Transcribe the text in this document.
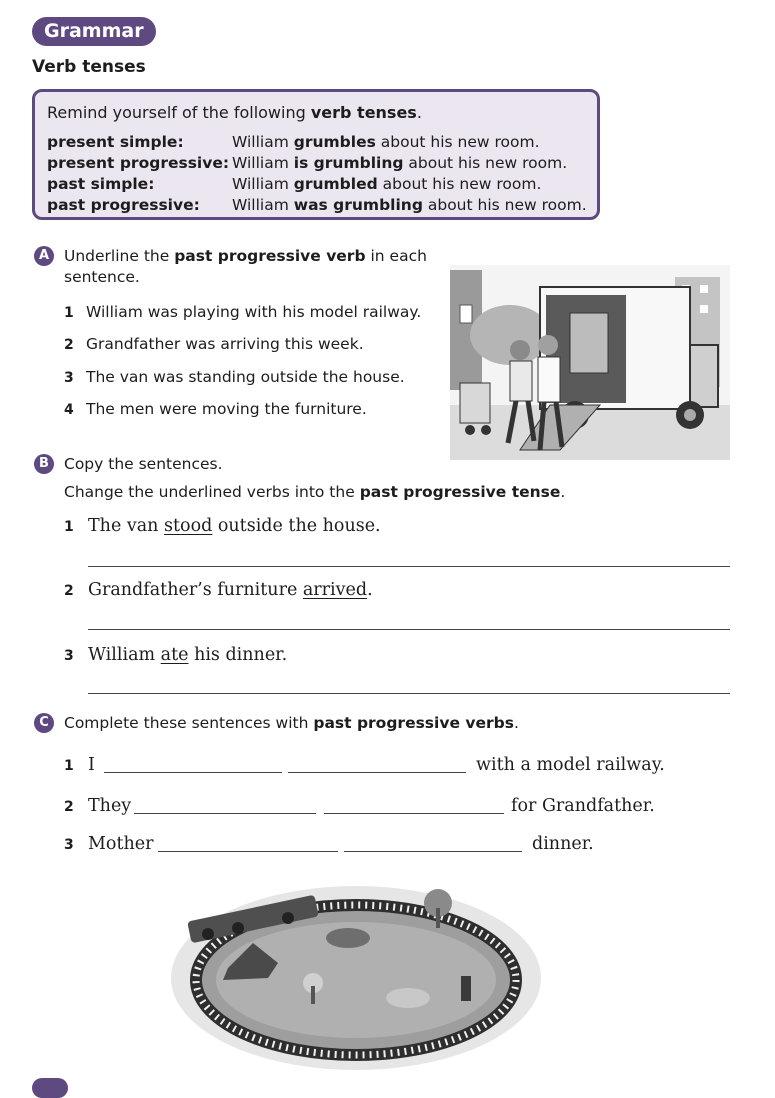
Grammar
Verb tenses
Remind yourself of the following verb tenses.
present simple:	William grumbles about his new room.
present progressive: William is grumbling about his new room.
past simple:	William grumbled about his new room.
past progressive: William was grumbling about his new room.
A Underline the past progressive verb in each
sentence.
1 William was playing with his model railway.
2 Grandfather was arriving this week.
3 The van was standing outside the house.
4 The men were moving the furniture.
B Copy the sentences.
Change the underlined verbs into the past progressive tense.
1 The van stood outside the house.
2 Grandfather’s furniture arrived.
3 William ate his dinner.
C Complete these sentences with past progressive verbs.
1 I	with a model railway.
2 They	for Grandfather.
3 Mother	dinner.
